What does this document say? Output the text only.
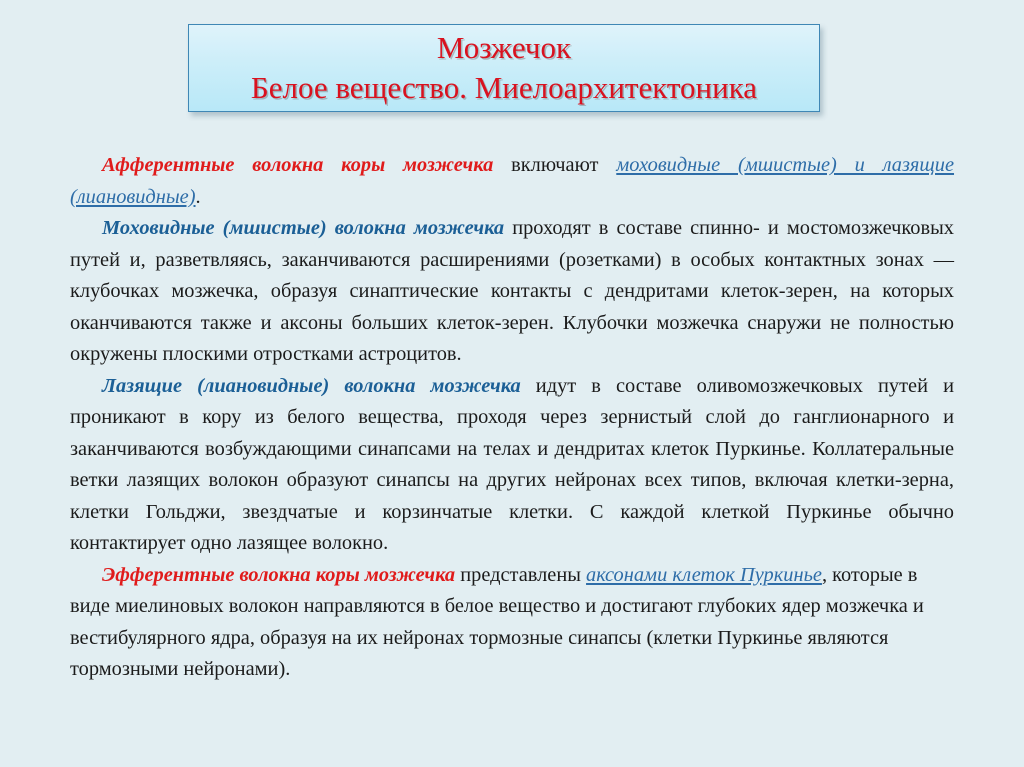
Мозжечок
Белое вещество. Миелоархитектоника

Афферентные волокна коры мозжечка включают моховидные (мшистые) и лазящие (лиановидные).

Моховидные (мшистые) волокна мозжечка проходят в составе спинно- и мостомозжечковых путей и, разветвляясь, заканчиваются расширениями (розетками) в особых контактных зонах — клубочках мозжечка, образуя синаптические контакты с дендритами клеток-зерен, на которых оканчиваются также и аксоны больших клеток-зерен. Клубочки мозжечка снаружи не полностью окружены плоскими отростками астроцитов.

Лазящие (лиановидные) волокна мозжечка идут в составе оливомозжечковых путей и проникают в кору из белого вещества, проходя через зернистый слой до ганглионарного и заканчиваются возбуждающими синапсами на телах и дендритах клеток Пуркинье. Коллатеральные ветки лазящих волокон образуют синапсы на других нейронах всех типов, включая клетки-зерна, клетки Гольджи, звездчатые и корзинчатые клетки. С каждой клеткой Пуркинье обычно контактирует одно лазящее волокно.

Эфферентные волокна коры мозжечка представлены аксонами клеток Пуркинье, которые в виде миелиновых волокон направляются в белое вещество и достигают глубоких ядер мозжечка и вестибулярного ядра, образуя на их нейронах тормозные синапсы (клетки Пуркинье являются тормозными нейронами).
